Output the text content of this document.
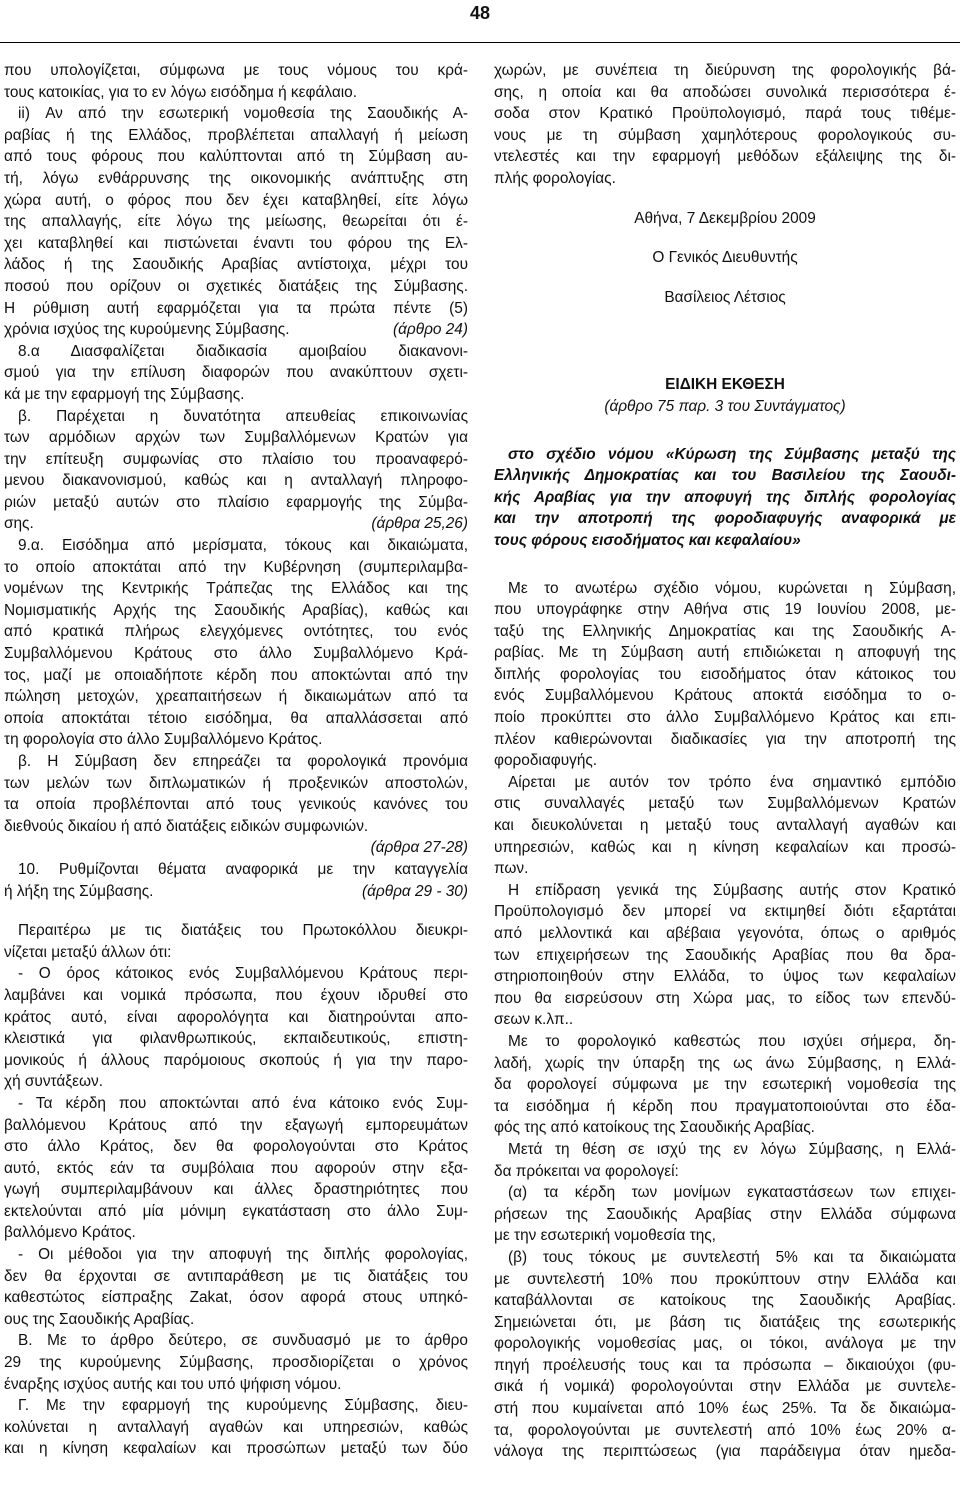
48
που υπολογίζεται, σύμφωνα με τους νόμους του κρά-
τους κατοικίας, για το εν λόγω εισόδημα ή κεφάλαιο.
ii) Αν από την εσωτερική νομοθεσία της Σαουδικής Α-
ραβίας ή της Ελλάδος, προβλέπεται απαλλαγή ή μείωση
από τους φόρους που καλύπτονται από τη Σύμβαση αυ-
τή, λόγω ενθάρρυνσης της οικονομικής ανάπτυξης στη
χώρα αυτή, ο φόρος που δεν έχει καταβληθεί, είτε λόγω
της απαλλαγής, είτε λόγω της μείωσης, θεωρείται ότι έ-
χει καταβληθεί και πιστώνεται έναντι του φόρου της Ελ-
λάδος ή της Σαουδικής Αραβίας αντίστοιχα, μέχρι του
ποσού που ορίζουν οι σχετικές διατάξεις της Σύμβασης.
Η ρύθμιση αυτή εφαρμόζεται για τα πρώτα πέντε (5)
χρόνια ισχύος της κυρούμενης Σύμβασης.	(άρθρο 24)
8.α Διασφαλίζεται διαδικασία αμοιβαίου διακανονι-
σμού για την επίλυση διαφορών που ανακύπτουν σχετι-
κά με την εφαρμογή της Σύμβασης.
β. Παρέχεται η δυνατότητα απευθείας επικοινωνίας
των αρμόδιων αρχών των Συμβαλλόμενων Κρατών για
την επίτευξη συμφωνίας στο πλαίσιο του προαναφερό-
μενου διακανονισμού, καθώς και η ανταλλαγή πληροφο-
ριών μεταξύ αυτών στο πλαίσιο εφαρμογής της Σύμβα-
σης.	(άρθρα 25,26)
9.α. Εισόδημα από μερίσματα, τόκους και δικαιώματα,
το οποίο αποκτάται από την Κυβέρνηση (συμπεριλαμβα-
νομένων της Κεντρικής Τράπεζας της Ελλάδος και της
Νομισματικής Αρχής της Σαουδικής Αραβίας), καθώς και
από κρατικά πλήρως ελεγχόμενες οντότητες, του ενός
Συμβαλλόμενου Κράτους στο άλλο Συμβαλλόμενο Κρά-
τος, μαζί με οποιαδήποτε κέρδη που αποκτώνται από την
πώληση μετοχών, χρεαπαιτήσεων ή δικαιωμάτων από τα
οποία αποκτάται τέτοιο εισόδημα, θα απαλλάσσεται από
τη φορολογία στο άλλο Συμβαλλόμενο Κράτος.
β. Η Σύμβαση δεν επηρεάζει τα φορολογικά προνόμια
των μελών των διπλωματικών ή προξενικών αποστολών,
τα οποία προβλέπονται από τους γενικούς κανόνες του
διεθνούς δικαίου ή από διατάξεις ειδικών συμφωνιών.
(άρθρα 27-28)
10. Ρυθμίζονται θέματα αναφορικά με την καταγγελία
ή λήξη της Σύμβασης.	(άρθρα 29 - 30)
Περαιτέρω με τις διατάξεις του Πρωτοκόλλου διευκρι-
νίζεται μεταξύ άλλων ότι:
- Ο όρος κάτοικος ενός Συμβαλλόμενου Κράτους περι-
λαμβάνει και νομικά πρόσωπα, που έχουν ιδρυθεί στο
κράτος αυτό, είναι αφορολόγητα και διατηρούνται απο-
κλειστικά για φιλανθρωπικούς, εκπαιδευτικούς, επιστη-
μονικούς ή άλλους παρόμοιους σκοπούς ή για την παρο-
χή συντάξεων.
- Τα κέρδη που αποκτώνται από ένα κάτοικο ενός Συμ-
βαλλόμενου Κράτους από την εξαγωγή εμπορευμάτων
στο άλλο Κράτος, δεν θα φορολογούνται στο Κράτος
αυτό, εκτός εάν τα συμβόλαια που αφορούν στην εξα-
γωγή συμπεριλαμβάνουν και άλλες δραστηριότητες που
εκτελούνται από μία μόνιμη εγκατάσταση στο άλλο Συμ-
βαλλόμενο Κράτος.
- Οι μέθοδοι για την αποφυγή της διπλής φορολογίας,
δεν θα έρχονται σε αντιπαράθεση με τις διατάξεις του
καθεστώτος είσπραξης Zakat, όσον αφορά στους υπηκό-
ους της Σαουδικής Αραβίας.
Β. Με το άρθρο δεύτερο, σε συνδυασμό με το άρθρο
29 της κυρούμενης Σύμβασης, προσδιορίζεται ο χρόνος
έναρξης ισχύος αυτής και του υπό ψήφιση νόμου.
Γ. Με την εφαρμογή της κυρούμενης Σύμβασης, διευ-
κολύνεται η ανταλλαγή αγαθών και υπηρεσιών, καθώς
και η κίνηση κεφαλαίων και προσώπων μεταξύ των δύο
χωρών, με συνέπεια τη διεύρυνση της φορολογικής βά-
σης, η οποία και θα αποδώσει συνολικά περισσότερα έ-
σοδα στον Κρατικό Προϋπολογισμό, παρά τους τιθέμε-
νους με τη σύμβαση χαμηλότερους φορολογικούς συ-
ντελεστές και την εφαρμογή μεθόδων εξάλειψης της δι-
πλής φορολογίας.
Αθήνα, 7 Δεκεμβρίου 2009
Ο Γενικός Διευθυντής
Βασίλειος Λέτσιος
ΕΙΔΙΚΗ ΕΚΘΕΣΗ
(άρθρο 75 παρ. 3 του Συντάγματος)
στο σχέδιο νόμου «Κύρωση της Σύμβασης μεταξύ της
Ελληνικής Δημοκρατίας και του Βασιλείου της Σαουδι-
κής Αραβίας για την αποφυγή της διπλής φορολογίας
και την αποτροπή της φοροδιαφυγής αναφορικά με
τους φόρους εισοδήματος και κεφαλαίου»
Με το ανωτέρω σχέδιο νόμου, κυρώνεται η Σύμβαση,
που υπογράφηκε στην Αθήνα στις 19 Ιουνίου 2008, με-
ταξύ της Ελληνικής Δημοκρατίας και της Σαουδικής Α-
ραβίας. Με τη Σύμβαση αυτή επιδιώκεται η αποφυγή της
διπλής φορολογίας του εισοδήματος όταν κάτοικος του
ενός Συμβαλλόμενου Κράτους αποκτά εισόδημα το ο-
ποίο προκύπτει στο άλλο Συμβαλλόμενο Κράτος και επι-
πλέον καθιερώνονται διαδικασίες για την αποτροπή της
φοροδιαφυγής.
Αίρεται με αυτόν τον τρόπο ένα σημαντικό εμπόδιο
στις συναλλαγές μεταξύ των Συμβαλλόμενων Κρατών
και διευκολύνεται η μεταξύ τους ανταλλαγή αγαθών και
υπηρεσιών, καθώς και η κίνηση κεφαλαίων και προσώ-
πων.
Η επίδραση γενικά της Σύμβασης αυτής στον Κρατικό
Προϋπολογισμό δεν μπορεί να εκτιμηθεί διότι εξαρτάται
από μελλοντικά και αβέβαια γεγονότα, όπως ο αριθμός
των επιχειρήσεων της Σαουδικής Αραβίας που θα δρα-
στηριοποιηθούν στην Ελλάδα, το ύψος των κεφαλαίων
που θα εισρεύσουν στη Χώρα μας, το είδος των επενδύ-
σεων κ.λπ..
Με το φορολογικό καθεστώς που ισχύει σήμερα, δη-
λαδή, χωρίς την ύπαρξη της ως άνω Σύμβασης, η Ελλά-
δα φορολογεί σύμφωνα με την εσωτερική νομοθεσία της
τα εισόδημα ή κέρδη που πραγματοποιούνται στο έδα-
φός της από κατοίκους της Σαουδικής Αραβίας.
Μετά τη θέση σε ισχύ της εν λόγω Σύμβασης, η Ελλά-
δα πρόκειται να φορολογεί:
(α) τα κέρδη των μονίμων εγκαταστάσεων των επιχει-
ρήσεων της Σαουδικής Αραβίας στην Ελλάδα σύμφωνα
με την εσωτερική νομοθεσία της,
(β) τους τόκους με συντελεστή 5% και τα δικαιώματα
με συντελεστή 10% που προκύπτουν στην Ελλάδα και
καταβάλλονται σε κατοίκους της Σαουδικής Αραβίας.
Σημειώνεται ότι, με βάση τις διατάξεις της εσωτερικής
φορολογικής νομοθεσίας μας, οι τόκοι, ανάλογα με την
πηγή προέλευσής τους και τα πρόσωπα – δικαιούχοι (φυ-
σικά ή νομικά) φορολογούνται στην Ελλάδα με συντελε-
στή που κυμαίνεται από 10% έως 25%. Τα δε δικαιώμα-
τα, φορολογούνται με συντελεστή από 10% έως 20% α-
νάλογα της περιπτώσεως (για παράδειγμα όταν ημεδα-
